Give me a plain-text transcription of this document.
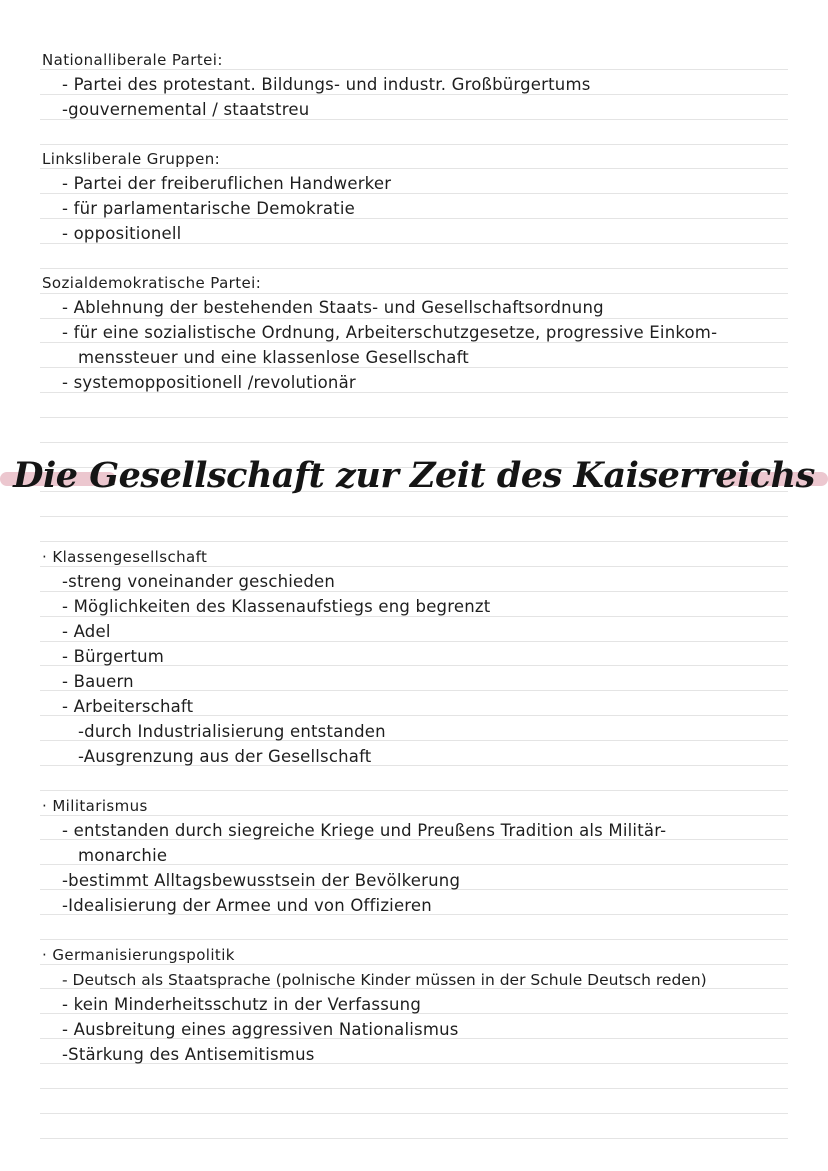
Nationalliberale Partei:
- Partei des protestant. Bildungs- und industr. Großbürgertums
-gouvernemental / staatstreu
Linksliberale Gruppen:
- Partei der freiberuflichen Handwerker
- für parlamentarische Demokratie
- oppositionell
Sozialdemokratische Partei:
- Ablehnung der bestehenden Staats- und Gesellschaftsordnung
- für eine sozialistische Ordnung, Arbeiterschutzgesetze, progressive Einkom-
menssteuer und eine klassenlose Gesellschaft
- systemoppositionell /revolutionär
Die Gesellschaft zur Zeit des Kaiserreichs
· Klassengesellschaft
-streng voneinander geschieden
- Möglichkeiten des Klassenaufstiegs eng begrenzt
- Adel
- Bürgertum
- Bauern
- Arbeiterschaft
-durch Industrialisierung entstanden
-Ausgrenzung aus der Gesellschaft
· Militarismus
- entstanden durch siegreiche Kriege und Preußens Tradition als Militär-
monarchie
-bestimmt Alltagsbewusstsein der Bevölkerung
-Idealisierung der Armee und von Offizieren
· Germanisierungspolitik
- Deutsch als Staatsprache (polnische Kinder müssen in der Schule Deutsch reden)
- kein Minderheitsschutz in der Verfassung
- Ausbreitung eines aggressiven Nationalismus
-Stärkung des Antisemitismus
